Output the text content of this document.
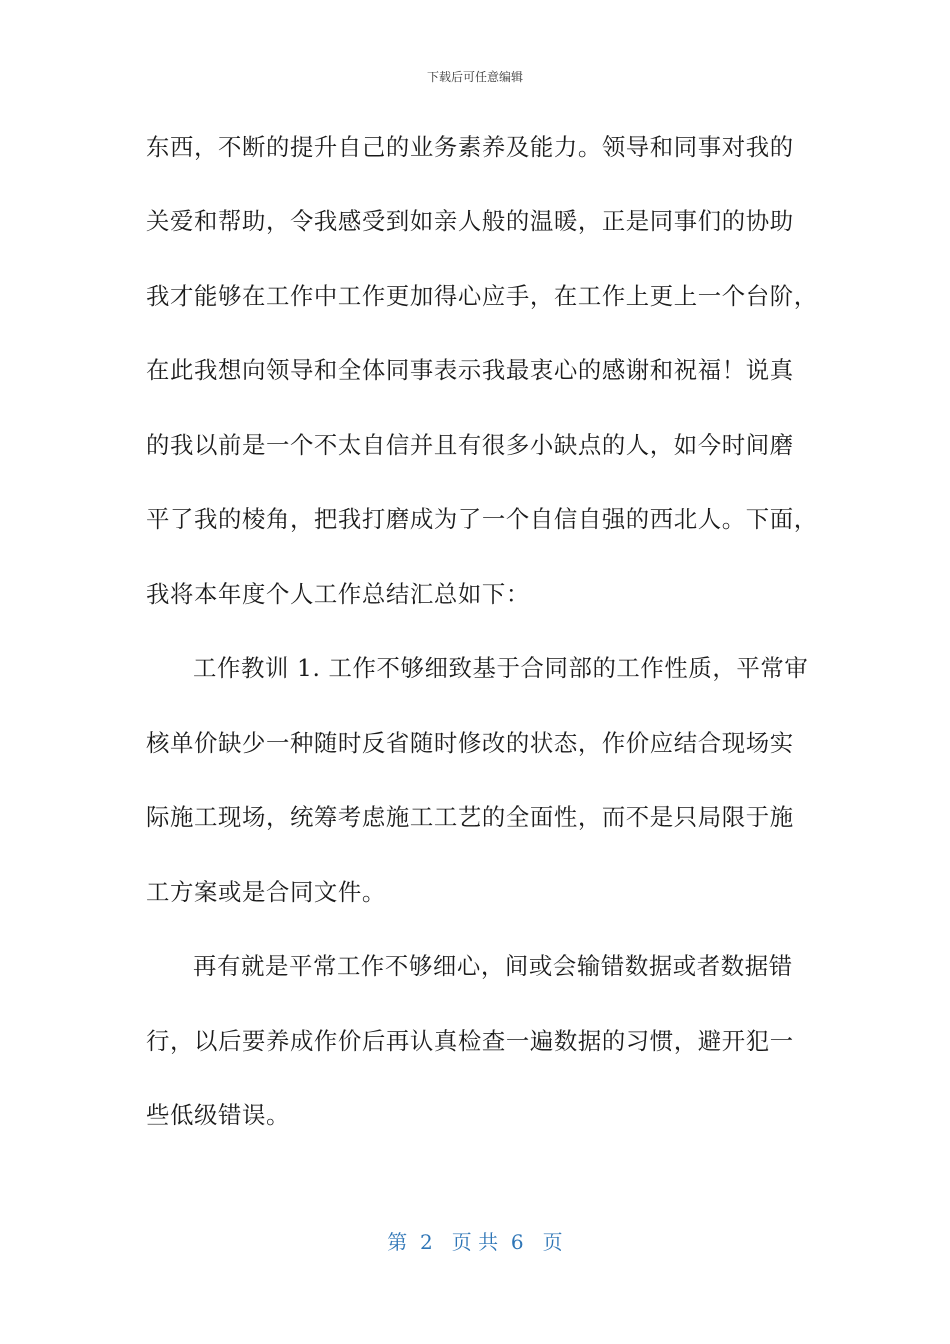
下载后可任意编辑
东西，不断的提升自己的业务素养及能力。领导和同事对我的
关爱和帮助，令我感受到如亲人般的温暖，正是同事们的协助
我才能够在工作中工作更加得心应手，在工作上更上一个台阶，
在此我想向领导和全体同事表示我最衷心的感谢和祝福！说真
的我以前是一个不太自信并且有很多小缺点的人，如今时间磨
平了我的棱角，把我打磨成为了一个自信自强的西北人。下面，
我将本年度个人工作总结汇总如下：
工作教训 1. 工作不够细致基于合同部的工作性质，平常审
核单价缺少一种随时反省随时修改的状态，作价应结合现场实
际施工现场，统筹考虑施工工艺的全面性，而不是只局限于施
工方案或是合同文件。
再有就是平常工作不够细心，间或会输错数据或者数据错
行，以后要养成作价后再认真检查一遍数据的习惯，避开犯一
些低级错误。
第  2   页 共  6   页
